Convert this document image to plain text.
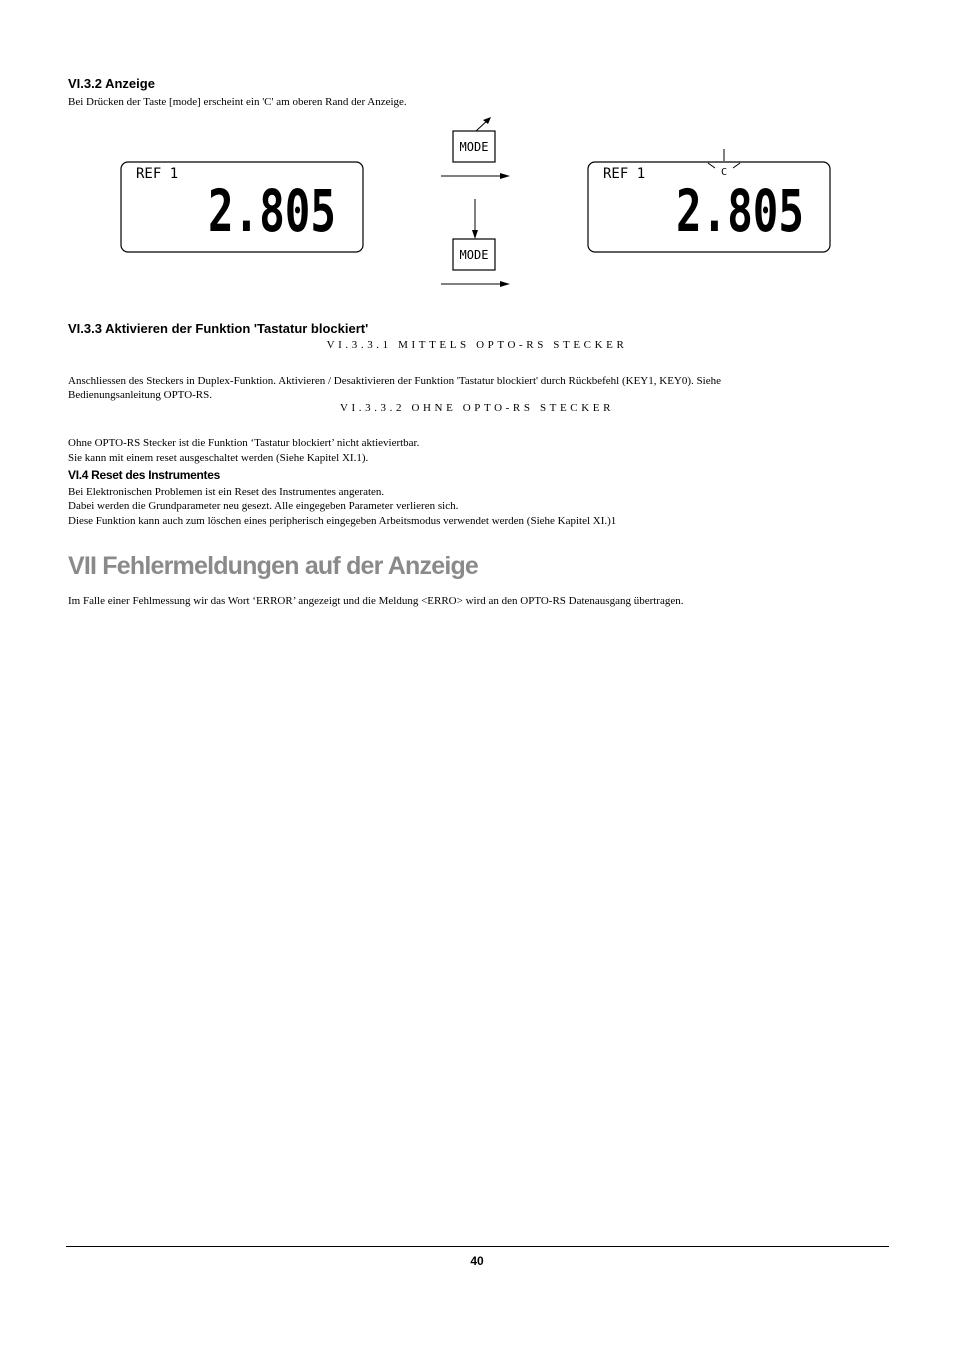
VI.3.2 Anzeige
Bei Drücken der Taste [mode] erscheint ein 'C' am oberen Rand der Anzeige.
REF 1
2.805
MODE
MODE
REF 1	C
2.805
VI.3.3 Aktivieren der Funktion 'Tastatur blockiert'
VI.3.3.1 MITTELS OPTO-RS STECKER
Anschliessen des Steckers in Duplex-Funktion. Aktivieren / Desaktivieren der Funktion 'Tastatur blockiert' durch Rückbefehl (KEY1, KEY0). Siehe
Bedienungsanleitung OPTO-RS.
VI.3.3.2 OHNE OPTO-RS STECKER
Ohne OPTO-RS Stecker ist die Funktion ‘Tastatur blockiert’ nicht aktieviertbar.
Sie kann mit einem reset ausgeschaltet werden (Siehe Kapitel XI.1).
VI.4 Reset des Instrumentes
Bei Elektronischen Problemen ist ein Reset des Instrumentes angeraten.
Dabei werden die Grundparameter neu gesezt. Alle eingegeben Parameter verlieren sich.
Diese Funktion kann auch zum löschen eines peripherisch eingegeben Arbeitsmodus verwendet werden (Siehe Kapitel XI.)1
VII Fehlermeldungen auf der Anzeige
Im Falle einer Fehlmessung wir das Wort ‘ERROR’ angezeigt und die Meldung <ERRO> wird an den OPTO-RS Datenausgang übertragen.
40
